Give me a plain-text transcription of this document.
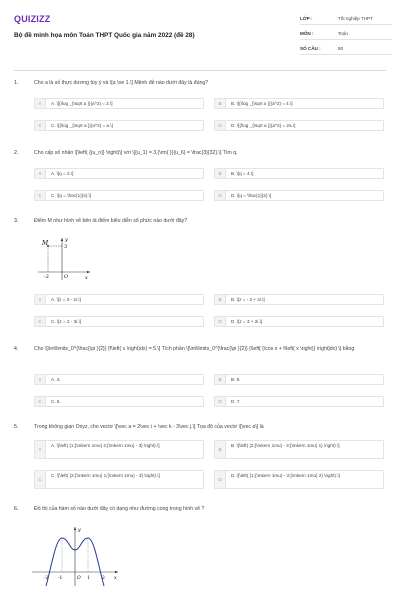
QUIZIZZ
Bộ đề minh họa môn Toán THPT Quốc gia năm 2022 (đề 28)
LỚP :	Tốt nghiệp THPT
MÔN :	Toán
SỐ CÂU :	50
1.	Cho a là số thực dương tùy ý và \[a \ne 1.\] Mệnh đề nào dưới đây là đúng?
A	A. \[{\log _{\sqrt a }}{a^2} = 2.\]	B	B. \[{\log _{\sqrt a }}{a^2} = 4.\]
C	C. \[{\log _{\sqrt a }}{a^2} = a.\]	D	D. \[{\log _{\sqrt a }}{a^2} = 2a.\]
2.	Cho cấp số nhân \[\left( {{u_n}} \right)\] với \[{u_1} = 3,{\rm{ }}{u_6} = \frac{3}{32}.\] Tìm q.
A	A. \[q = 2.\]	B	B. \[q = 4.\]
C	C. \[q = \frac{1}{4}.\]	D	D. \[q = \frac{1}{2}.\]
3.	Điểm M như hình vẽ bên là điểm biểu diễn số phức nào dưới đây?
M	y
3
-2	O	x
A	A. \[z = 3 - 2i.\]	B	B. \[z = - 2 + 3i.\]
C	C. \[z = 2 - 3i.\]	D	D. \[z = 3 + 2i.\]
4.	Cho \[\int\limits_0^{\frac{\pi }{2}} {f\left( x \right)dx} = 5.\] Tích phân \[\int\limits_0^{\frac{\pi }{2}} {\left[ {\cos x + f\left( x \right)} \right]dx} \] bằng
A	A. 4.	B	B. 8.
C	C. 6.	D	D. 7.
5.	Trong không gian Oxyz, cho vectơ \[\vec a = 2\vec i + \vec k - 3\vec j.\] Tọa độ của vectơ \[\vec a\] là
A
A. \[\left( {1;{\mkern 1mu} 2;{\mkern 1mu} - 3} \right).\]
B
B. \[\left( {2;{\mkern 1mu} - 3;{\mkern 1mu} 1} \right).\]
C
C. \[\left( {2;{\mkern 1mu} 1;{\mkern 1mu} - 3} \right).\]
D
D. \[\left( {1;{\mkern 1mu} - 3;{\mkern 1mu} 2} \right).\]
6.	Đồ thị của hàm số nào dưới đây có dạng như đường cong trong hình vẽ ?
y
x
O
-2 -1	1	2
